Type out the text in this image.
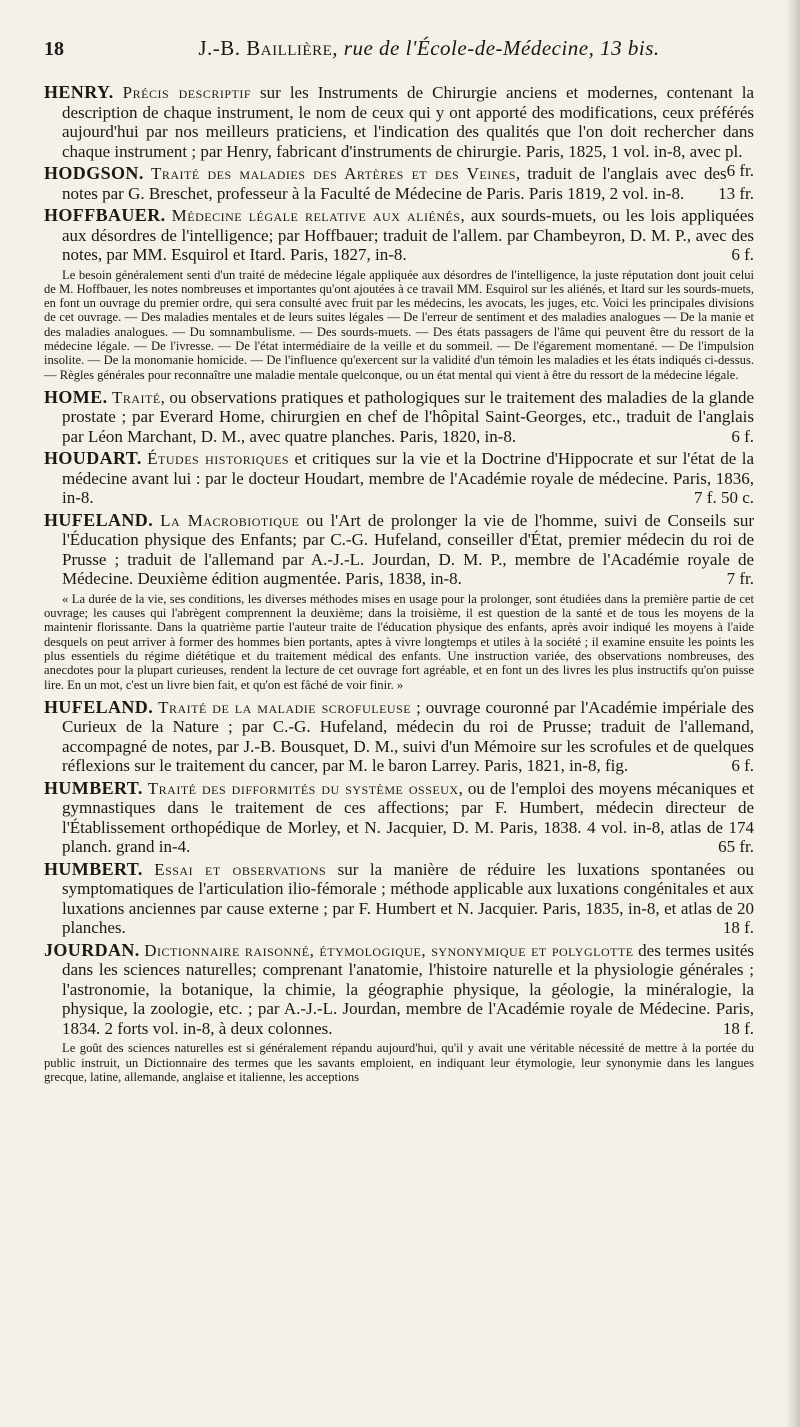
18	J.-B. Baillière, rue de l'École-de-Médecine, 13 bis.

HENRY. Précis descriptif sur les Instruments de Chirurgie anciens et modernes, contenant la description de chaque instrument, le nom de ceux qui y ont apporté des modifications, ceux préférés aujourd'hui par nos meilleurs praticiens, et l'indication des qualités que l'on doit rechercher dans chaque instrument ; par Henry, fabricant d'instruments de chirurgie. Paris, 1825, 1 vol. in-8, avec pl.
6 fr.

HODGSON. Traité des maladies des Artères et des Veines, traduit de l'anglais avec des notes par G. Breschet, professeur à la Faculté de Médecine de Paris. Paris 1819, 2 vol. in-8. 13 fr.

HOFFBAUER. Médecine légale relative aux aliénés, aux sourds-muets, ou les lois appliquées aux désordres de l'intelligence; par Hoffbauer; traduit de l'allem. par Chambeyron, D. M. P., avec des notes, par MM. Esquirol et Itard. Paris, 1827, in-8.	6 f.

Le besoin généralement senti d'un traité de médecine légale appliquée aux désordres de l'intelligence, la juste réputation dont jouit celui de M. Hoffbauer, les notes nombreuses et importantes qu'ont ajoutées à ce travail MM. Esquirol sur les aliénés, et Itard sur les sourds-muets, en font un ouvrage du premier ordre, qui sera consulté avec fruit par les médecins, les avocats, les juges, etc. Voici les principales divisions de cet ouvrage. — Des maladies mentales et de leurs suites légales — De l'erreur de sentiment et des maladies analogues — De la manie et des maladies analogues. — Du somnambulisme. — Des sourds-muets. — Des états passagers de l'âme qui peuvent être du ressort de la médecine légale. — De l'ivresse. — De l'état intermédiaire de la veille et du sommeil. — De l'égarement momentané. — De l'impulsion insolite. — De la monomanie homicide. — De l'influence qu'exercent sur la validité d'un témoin les maladies et les états indiqués ci-dessus. — Règles générales pour reconnaître une maladie mentale quelconque, ou un état mental qui vient à être du ressort de la médecine légale.

HOME. Traité, ou observations pratiques et pathologiques sur le traitement des maladies de la glande prostate ; par Everard Home, chirurgien en chef de l'hôpital Saint-Georges, etc., traduit de l'anglais par Léon Marchant, D. M., avec quatre planches. Paris, 1820, in-8.	6 f.

HOUDART. Études historiques et critiques sur la vie et la Doctrine d'Hippocrate et sur l'état de la médecine avant lui : par le docteur Houdart, membre de l'Académie royale de médecine. Paris, 1836, in-8.	7 f. 50 c.

HUFELAND. La Macrobiotique ou l'Art de prolonger la vie de l'homme, suivi de Conseils sur l'Éducation physique des Enfants; par C.-G. Hufeland, conseiller d'État, premier médecin du roi de Prusse ; traduit de l'allemand par A.-J.-L. Jourdan, D. M. P., membre de l'Académie royale de Médecine. Deuxième édition augmentée. Paris, 1838, in-8.	7 fr.

« La durée de la vie, ses conditions, les diverses méthodes mises en usage pour la prolonger, sont étudiées dans la première partie de cet ouvrage; les causes qui l'abrègent comprennent la deuxième; dans la troisième, il est question de la santé et de tous les moyens de la maintenir florissante. Dans la quatrième partie l'auteur traite de l'éducation physique des enfants, après avoir indiqué les moyens à l'aide desquels on peut arriver à former des hommes bien portants, aptes à vivre longtemps et utiles à la société ; il examine ensuite les points les plus essentiels du régime diététique et du traitement médical des enfants. Une instruction variée, des observations nombreuses, des anecdotes pour la plupart curieuses, rendent la lecture de cet ouvrage fort agréable, et en font un des livres les plus instructifs qu'on puisse lire. En un mot, c'est un livre bien fait, et qu'on est fâché de voir finir. »

HUFELAND. Traité de la maladie scrofuleuse ; ouvrage couronné par l'Académie impériale des Curieux de la Nature ; par C.-G. Hufeland, médecin du roi de Prusse; traduit de l'allemand, accompagné de notes, par J.-B. Bousquet, D. M., suivi d'un Mémoire sur les scrofules et de quelques réflexions sur le traitement du cancer, par M. le baron Larrey. Paris, 1821, in-8, fig.	6 f.

HUMBERT. Traité des difformités du système osseux, ou de l'emploi des moyens mécaniques et gymnastiques dans le traitement de ces affections; par F. Humbert, médecin directeur de l'Établissement orthopédique de Morley, et N. Jacquier, D. M. Paris, 1838. 4 vol. in-8, atlas de 174 planch. grand in-4.	65 fr.

HUMBERT. Essai et observations sur la manière de réduire les luxations spontanées ou symptomatiques de l'articulation ilio-fémorale ; méthode applicable aux luxations congénitales et aux luxations anciennes par cause externe ; par F. Humbert et N. Jacquier. Paris, 1835, in-8, et atlas de 20 planches.	18 f.

JOURDAN. Dictionnaire raisonné, étymologique, synonymique et polyglotte des termes usités dans les sciences naturelles; comprenant l'anatomie, l'histoire naturelle et la physiologie générales ; l'astronomie, la botanique, la chimie, la géographie physique, la géologie, la minéralogie, la physique, la zoologie, etc. ; par A.-J.-L. Jourdan, membre de l'Académie royale de Médecine. Paris, 1834. 2 forts vol. in-8, à deux colonnes.	18 f.

Le goût des sciences naturelles est si généralement répandu aujourd'hui, qu'il y avait une véritable nécessité de mettre à la portée du public instruit, un Dictionnaire des termes que les savants emploient, en indiquant leur étymologie, leur synonymie dans les langues grecque, latine, allemande, anglaise et italienne, les acceptions
